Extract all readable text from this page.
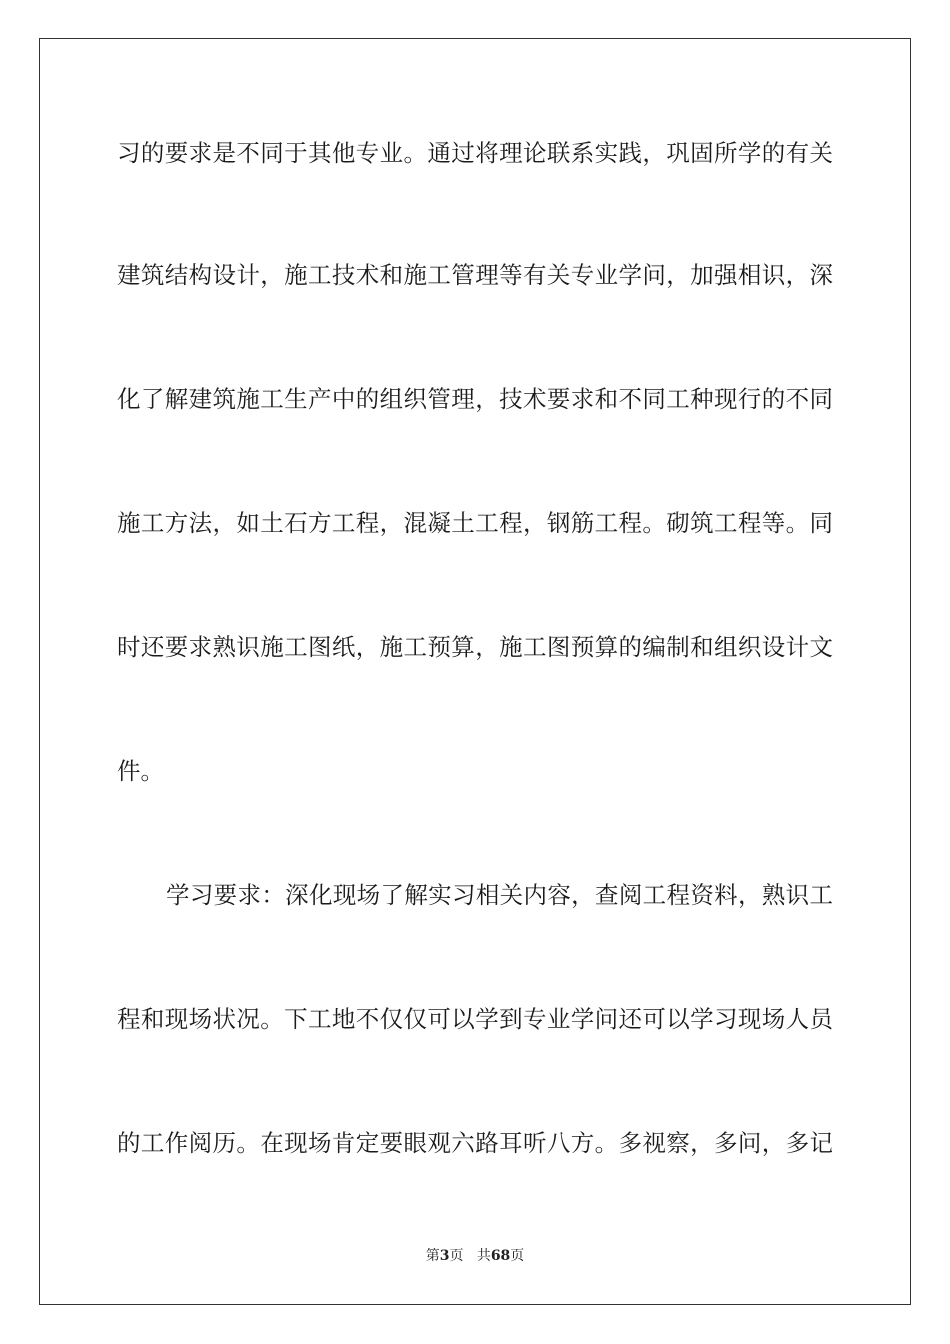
习的要求是不同于其他专业。通过将理论联系实践，巩固所学的有关
建筑结构设计，施工技术和施工管理等有关专业学问，加强相识，深
化了解建筑施工生产中的组织管理，技术要求和不同工种现行的不同
施工方法，如土石方工程，混凝土工程，钢筋工程。砌筑工程等。同
时还要求熟识施工图纸，施工预算，施工图预算的编制和组织设计文
件。
学习要求：深化现场了解实习相关内容，查阅工程资料，熟识工
程和现场状况。下工地不仅仅可以学到专业学问还可以学习现场人员
的工作阅历。在现场肯定要眼观六路耳听八方。多视察，多问，多记
第3页 共68页
